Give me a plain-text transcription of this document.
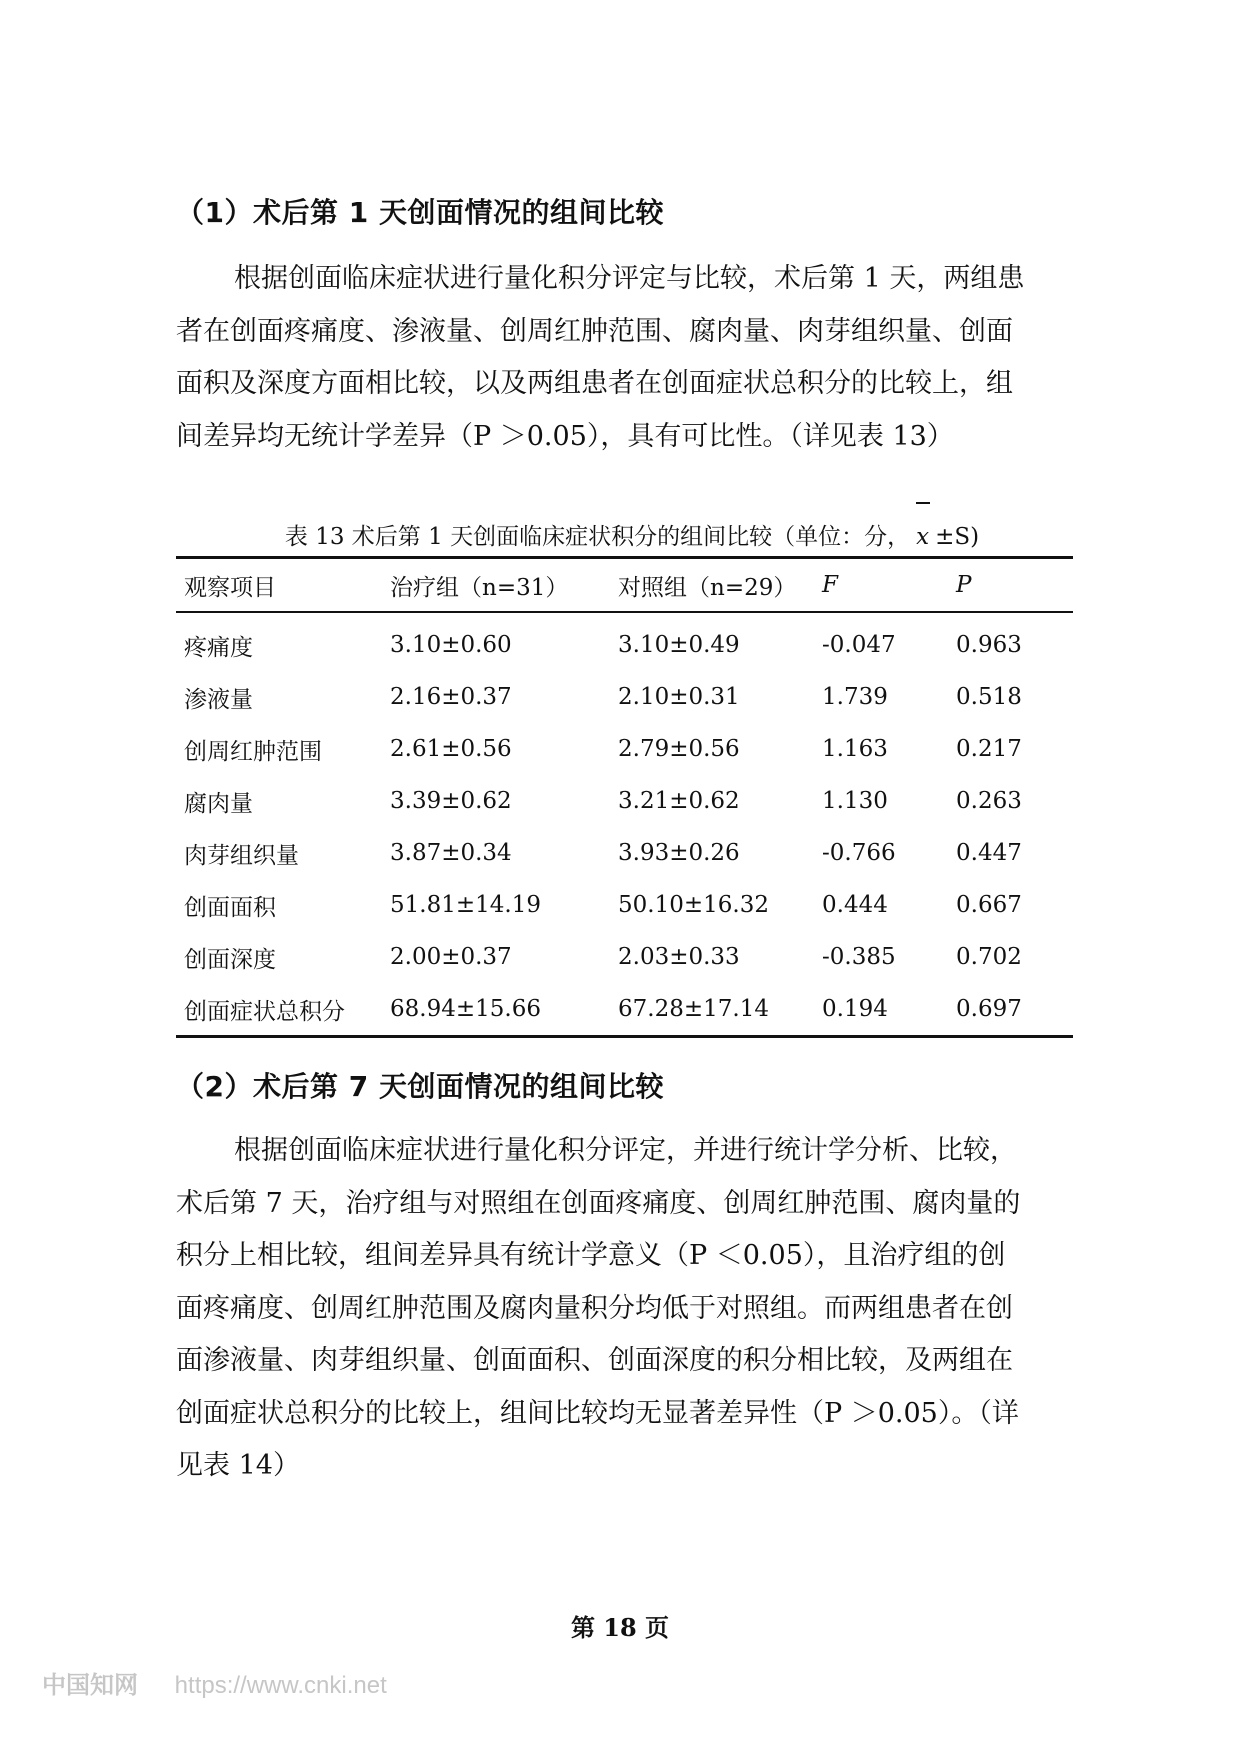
（1）术后第 1 天创面情况的组间比较

根据创面临床症状进行量化积分评定与比较，术后第 1 天，两组患
者在创面疼痛度、渗液量、创周红肿范围、腐肉量、肉芽组织量、创面
面积及深度方面相比较，以及两组患者在创面症状总积分的比较上，组
间差异均无统计学差异（P ＞0.05），具有可比性。（详见表 13）

表 13 术后第 1 天创面临床症状积分的组间比较（单位：分， x ±S)
观察项目	治疗组（n=31）	对照组（n=29）	F	P
疼痛度	3.10±0.60	3.10±0.49	-0.047	0.963
渗液量	2.16±0.37	2.10±0.31	1.739	0.518
创周红肿范围	2.61±0.56	2.79±0.56	1.163	0.217
腐肉量	3.39±0.62	3.21±0.62	1.130	0.263
肉芽组织量	3.87±0.34	3.93±0.26	-0.766	0.447
创面面积	51.81±14.19	50.10±16.32	0.444	0.667
创面深度	2.00±0.37	2.03±0.33	-0.385	0.702
创面症状总积分	68.94±15.66	67.28±17.14	0.194	0.697
（2）术后第 7 天创面情况的组间比较

根据创面临床症状进行量化积分评定，并进行统计学分析、比较，
术后第 7 天，治疗组与对照组在创面疼痛度、创周红肿范围、腐肉量的
积分上相比较，组间差异具有统计学意义（P ＜0.05），且治疗组的创
面疼痛度、创周红肿范围及腐肉量积分均低于对照组。而两组患者在创
面渗液量、肉芽组织量、创面面积、创面深度的积分相比较，及两组在
创面症状总积分的比较上，组间比较均无显著差异性（P ＞0.05）。（详
见表 14）

第 18 页
中国知网 https://www.cnki.net
